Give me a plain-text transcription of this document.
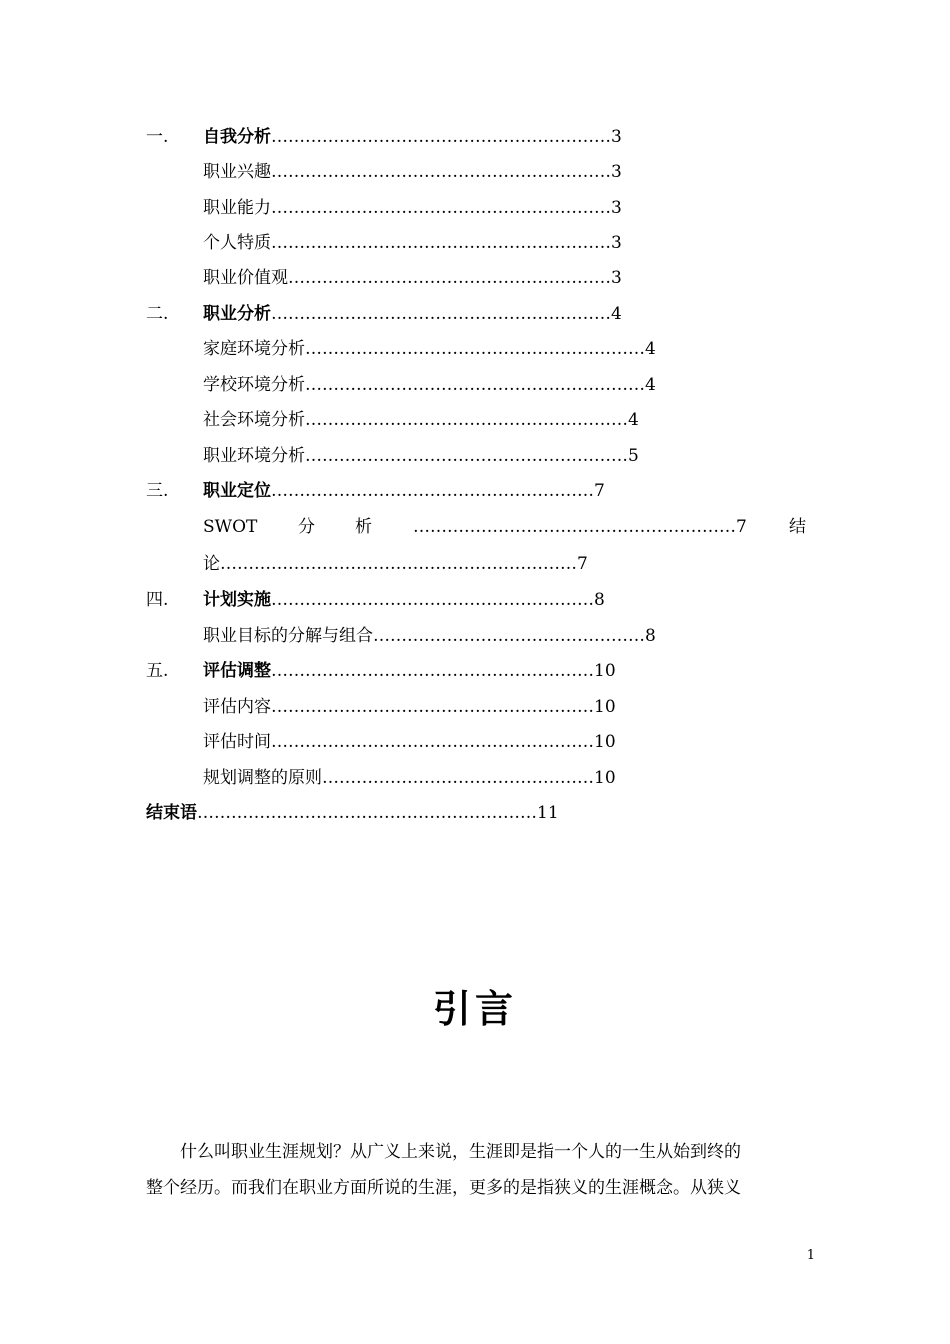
一. 自我分析……………………………………………………3
职业兴趣……………………………………………………3
职业能力……………………………………………………3
个人特质……………………………………………………3
职业价值观…………………………………………………3
二. 职业分析……………………………………………………4
家庭环境分析……………………………………………………4
学校环境分析……………………………………………………4
社会环境分析…………………………………………………4
职业环境分析…………………………………………………5
三. 职业定位…………………………………………………7
SWOT 分 析 …………………………………………………7 结
论………………………………………………………7
四. 计划实施…………………………………………………8
职业目标的分解与组合…………………………………………8
五. 评估调整…………………………………………………10
评估内容…………………………………………………10
评估时间…………………………………………………10
规划调整的原则…………………………………………10
结束语……………………………………………………11
引言

什么叫职业生涯规划？从广义上来说，生涯即是指一个人的一生从始到终的

整个经历。而我们在职业方面所说的生涯，更多的是指狭义的生涯概念。从狭义

1
